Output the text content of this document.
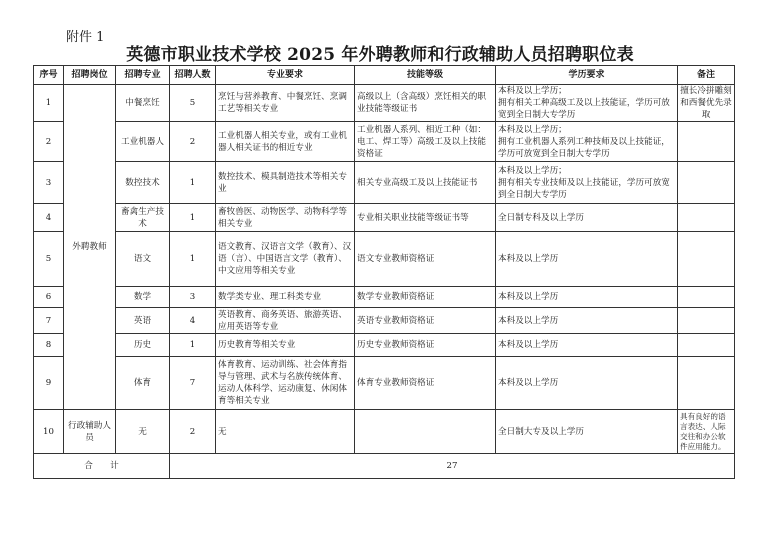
附件 1
英德市职业技术学校 2025 年外聘教师和行政辅助人员招聘职位表
序号	招聘岗位	招聘专业	招聘人数	专业要求	技能等级	学历要求	备注
1	外聘教师	中餐烹饪	5	烹饪与营养教育、中餐烹饪、烹调工艺等相关专业	高级以上（含高级）烹饪相关的职业技能等级证书	本科及以上学历；
拥有相关工种高级工及以上技能证，学历可放宽到全日制大专学历	擅长冷拼雕刻和西餐优先录取
2		工业机器人	2	工业机器人相关专业，或有工业机器人相关证书的相近专业	工业机器人系列、相近工种（如：电工、焊工等）高级工及以上技能资格证	本科及以上学历；
拥有工业机器人系列工种技师及以上技能证，学历可放宽到全日制大专学历	
3		数控技术	1	数控技术、模具制造技术等相关专业	相关专业高级工及以上技能证书	本科及以上学历；
拥有相关专业技师及以上技能证，学历可放宽到全日制大专学历	
4		畜禽生产技术	1	畜牧兽医、动物医学、动物科学等相关专业	专业相关职业技能等级证书等	全日制专科及以上学历	
5		语文	1	语文教育、汉语言文学（教育）、汉语（言）、中国语言文学（教育）、中文应用等相关专业	语文专业教师资格证	本科及以上学历	
6		数学	3	数学类专业、理工科类专业	数学专业教师资格证	本科及以上学历	
7		英语	4	英语教育、商务英语、旅游英语、应用英语等专业	英语专业教师资格证	本科及以上学历	
8		历史	1	历史教育等相关专业	历史专业教师资格证	本科及以上学历	
9		体育	7	体育教育、运动训练、社会体育指导与管理、武术与名族传统体育、运动人体科学、运动康复、休闲体育等相关专业	体育专业教师资格证	本科及以上学历	
10	行政辅助人员	无	2	无		全日制大专及以上学历	具有良好的语言表达、人际交往和办公软件应用能力。
合　　计			27				
